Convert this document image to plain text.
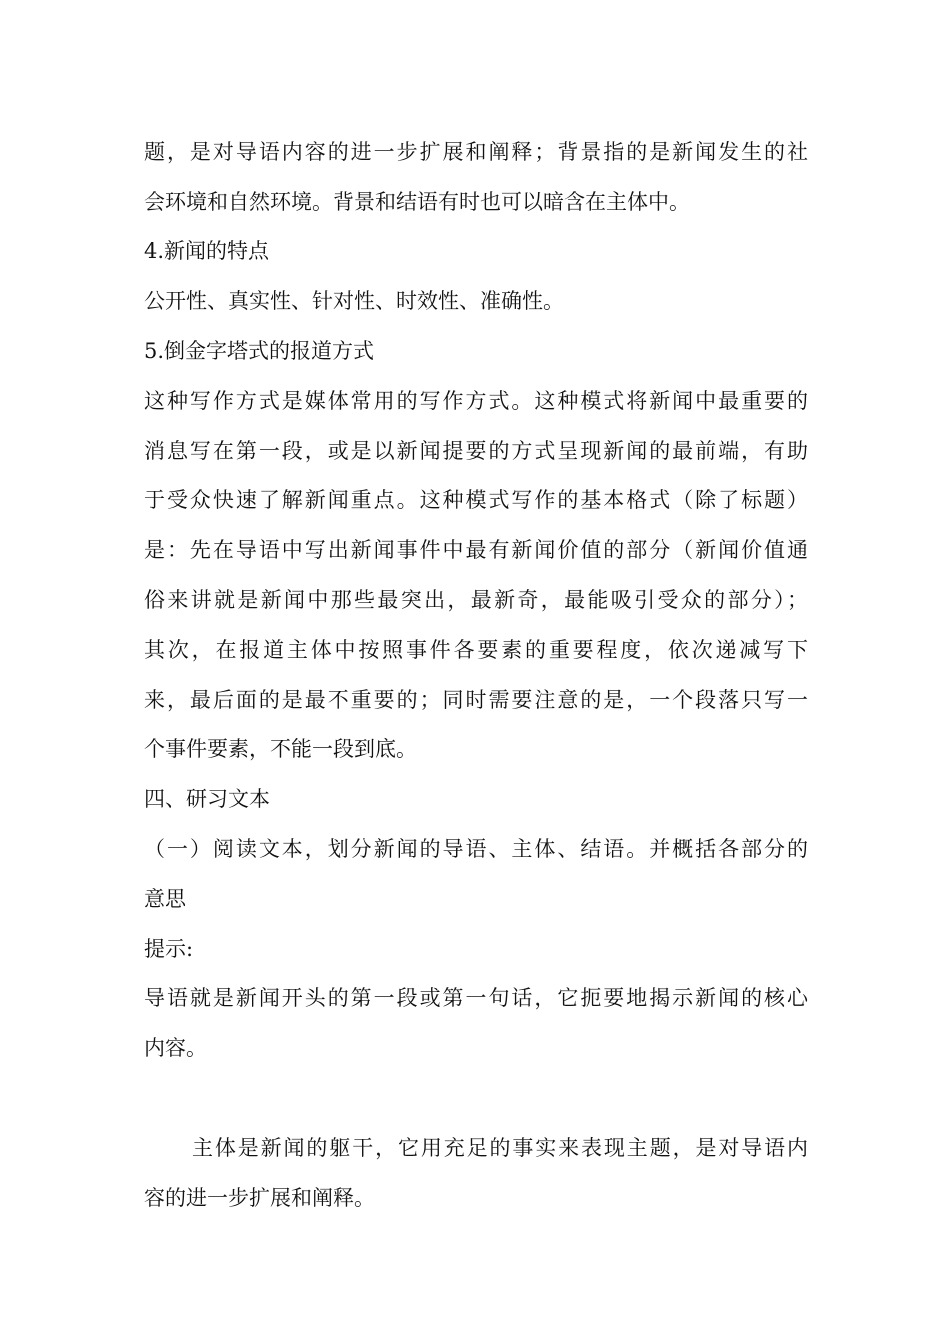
题，是对导语内容的进一步扩展和阐释；背景指的是新闻发生的社
会环境和自然环境。背景和结语有时也可以暗含在主体中。
4.新闻的特点
公开性、真实性、针对性、时效性、准确性。
5.倒金字塔式的报道方式
这种写作方式是媒体常用的写作方式。这种模式将新闻中最重要的
消息写在第一段，或是以新闻提要的方式呈现新闻的最前端，有助
于受众快速了解新闻重点。这种模式写作的基本格式（除了标题）
是：先在导语中写出新闻事件中最有新闻价值的部分（新闻价值通
俗来讲就是新闻中那些最突出，最新奇，最能吸引受众的部分）；
其次，在报道主体中按照事件各要素的重要程度，依次递减写下
来，最后面的是最不重要的；同时需要注意的是，一个段落只写一
个事件要素，不能一段到底。
四、研习文本
（一）阅读文本，划分新闻的导语、主体、结语。并概括各部分的
意思
提示:
导语就是新闻开头的第一段或第一句话，它扼要地揭示新闻的核心
内容。
主体是新闻的躯干，它用充足的事实来表现主题，是对导语内
容的进一步扩展和阐释。
